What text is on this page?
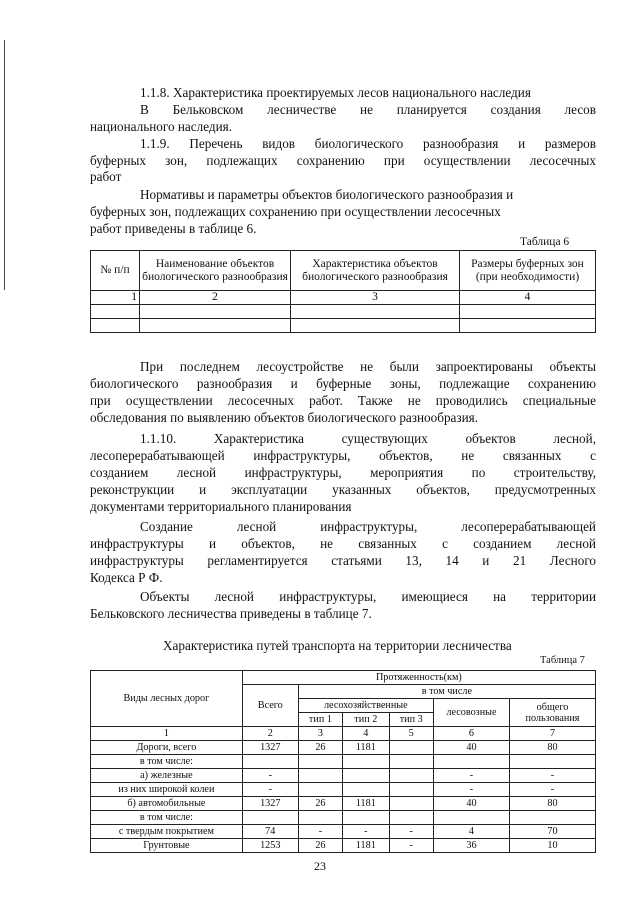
1.1.8. Характеристика проектируемых лесов национального наследия

В Бельковском лесничестве не планируется создания лесов

национального наследия.

1.1.9. Перечень видов биологического разнообразия и размеров

буферных зон, подлежащих сохранению при осуществлении лесосечных

работ

Нормативы и параметры объектов биологического разнообразия и

буферных зон, подлежащих сохранению при осуществлении лесосечных

работ приведены в таблице 6.

Таблица 6
№ п/п	Наименование объектов биологического разнообразия	Характеристика объектов биологического разнообразия	Размеры буферных зон (при необходимости)
1	2	3	4

При последнем лесоустройстве не были запроектированы объекты

биологического разнообразия и буферные зоны, подлежащие сохранению

при осуществлении лесосечных работ. Также не проводились специальные

обследования по выявлению объектов биологического разнообразия.

1.1.10. Характеристика существующих объектов лесной,

лесоперерабатывающей инфраструктуры, объектов, не связанных с

созданием лесной инфраструктуры, мероприятия по строительству,

реконструкции и эксплуатации указанных объектов, предусмотренных

документами территориального планирования

Создание лесной инфраструктуры, лесоперерабатывающей

инфраструктуры и объектов, не связанных с созданием лесной

инфраструктуры регламентируется статьями 13, 14 и 21 Лесного

Кодекса Р Ф.

Объекты лесной инфраструктуры, имеющиеся на территории

Бельковского лесничества приведены в таблице 7.

Характеристика путей транспорта на территории лесничества

Таблица 7
Виды лесных дорог	Протяженность(км)					
	Всего	в том числе				
		лесохозяйственные			лесовозные	общего пользования
		тип 1	тип 2	тип 3		
1	2	3	4	5	6	7
Дороги, всего	1327	26	1181		40	80
в том числе:						
а) железные	-				-	-
из них широкой колеи	-				-	-
б) автомобильные	1327	26	1181		40	80
в том числе:						
с твердым покрытием	74	-	-	-	4	70
Грунтовые	1253	26	1181	-	36	10
23
